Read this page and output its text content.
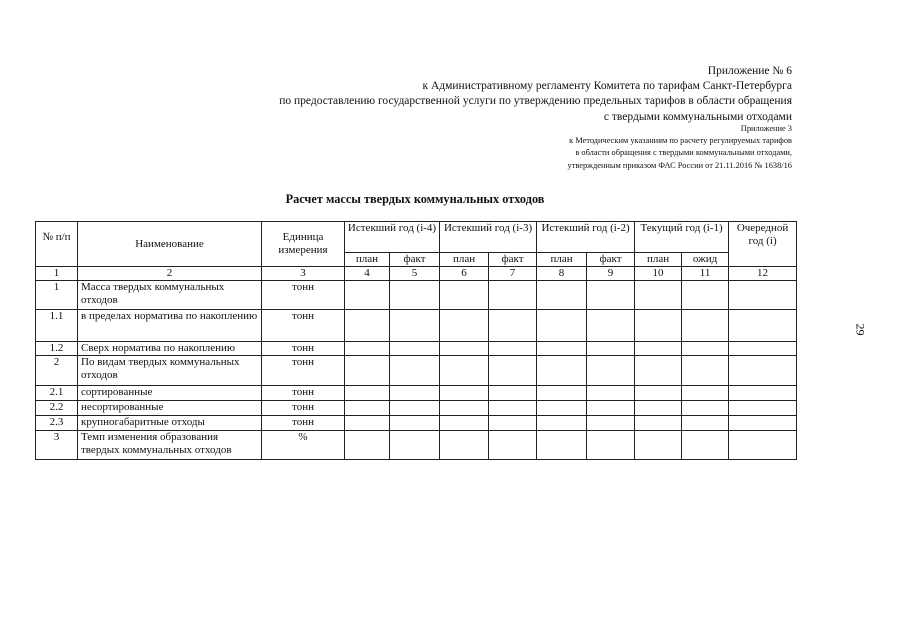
Приложение № 6
к Административному регламенту Комитета по тарифам Санкт-Петербурга
по предоставлению государственной услуги по утверждению предельных тарифов в области обращения
с твердыми коммунальными отходами
Приложение 3
к Методическим указаниям по расчету регулируемых тарифов
в области обращения с твердыми коммунальными отходами,
утвержденным приказом ФАС России от 21.11.2016 № 1638/16
Расчет массы твердых коммунальных отходов
29
№ п/п	Наименование	Единица измерения	Истекший год (i-4)		Истекший год (i-3)		Истекший год (i-2)		Текущий год (i-1)		Очередной год (i)
			план	факт	план	факт	план	факт	план	ожид	
1	2	3	4	5	6	7	8	9	10	11	12
1	Масса твердых коммунальных отходов	тонн									
1.1	в пределах норматива по накоплению	тонн									
1.2	Сверх норматива по накоплению	тонн									
2	По видам твердых коммунальных отходов	тонн									
2.1	сортированные	тонн									
2.2	несортированные	тонн									
2.3	крупногабаритные отходы	тонн									
3	Темп изменения образования твердых коммунальных отходов	%									
